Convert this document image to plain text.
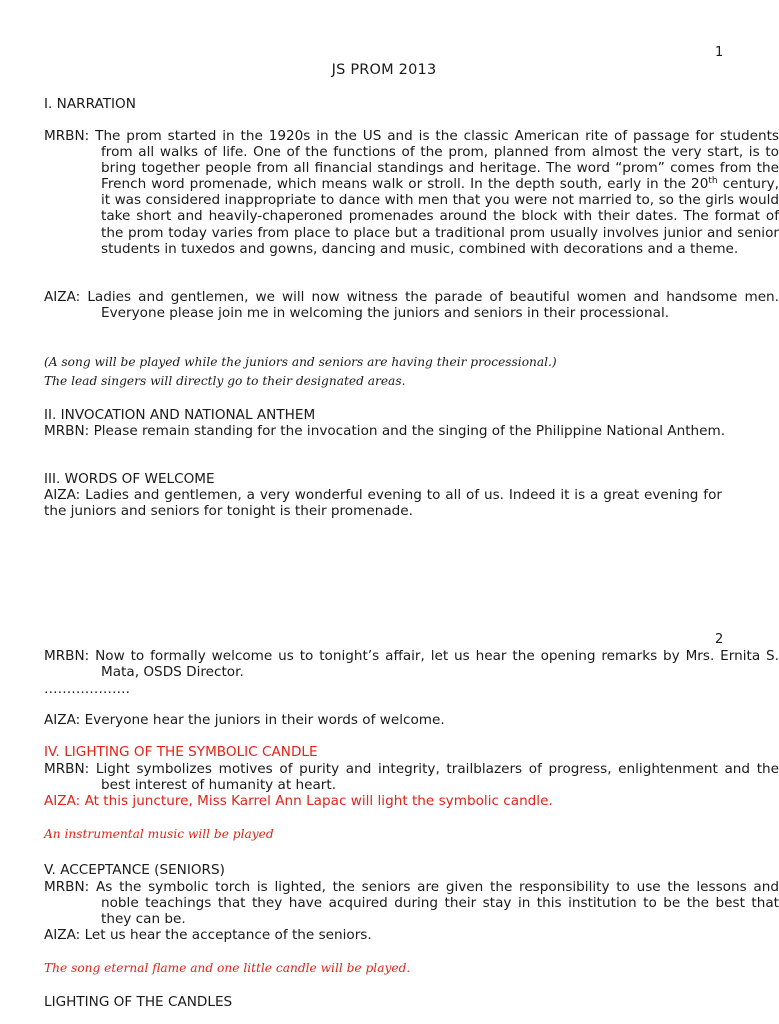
1
JS PROM 2013
I. NARRATION
MRBN: The prom started in the 1920s in the US and is the classic American rite of passage for students from all walks of life. One of the functions of the prom, planned from almost the very start, is to bring together people from all financial standings and heritage. The word “prom” comes from the French word promenade, which means walk or stroll. In the depth south, early in the 20th century, it was considered inappropriate to dance with men that you were not married to, so the girls would take short and heavily-chaperoned promenades around the block with their dates. The format of the prom today varies from place to place but a traditional prom usually involves junior and senior students in tuxedos and gowns, dancing and music, combined with decorations and a theme.
AIZA: Ladies and gentlemen, we will now witness the parade of beautiful women and handsome men. Everyone please join me in welcoming the juniors and seniors in their processional.
(A song will be played while the juniors and seniors are having their processional.)
The lead singers will directly go to their designated areas.
II. INVOCATION AND NATIONAL ANTHEM
MRBN: Please remain standing for the invocation and the singing of the Philippine National Anthem.
III. WORDS OF WELCOME
AIZA: Ladies and gentlemen, a very wonderful evening to all of us. Indeed it is a great evening for the juniors and seniors for tonight is their promenade.
2
MRBN: Now to formally welcome us to tonight’s affair, let us hear the opening remarks by Mrs. Ernita S. Mata, OSDS Director.
……………….
AIZA: Everyone hear the juniors in their words of welcome.
IV. LIGHTING OF THE SYMBOLIC CANDLE
MRBN: Light symbolizes motives of purity and integrity, trailblazers of progress, enlightenment and the best interest of humanity at heart.
AIZA: At this juncture, Miss Karrel Ann Lapac will light the symbolic candle.
An instrumental music will be played
V. ACCEPTANCE (SENIORS)
MRBN: As the symbolic torch is lighted, the seniors are given the responsibility to use the lessons and noble teachings that they have acquired during their stay in this institution to be the best that they can be.
AIZA: Let us hear the acceptance of the seniors.
The song eternal flame and one little candle will be played.
LIGHTING OF THE CANDLES
